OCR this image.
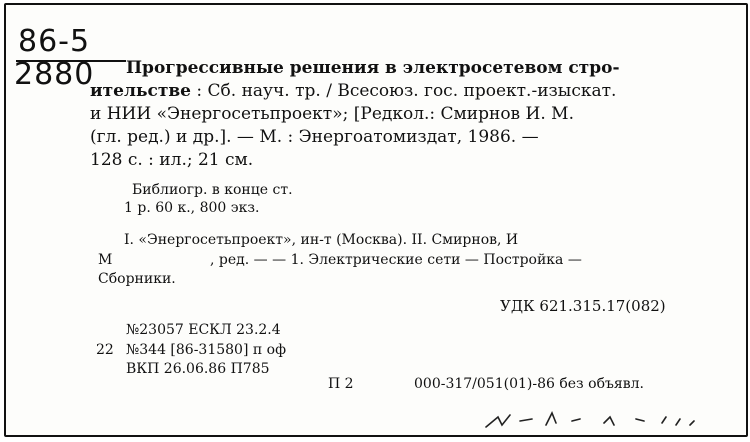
86-5
2880	Прогрессивные решения в электросетевом стро-
ительстве : Сб. науч. тр. / Всесоюз. гос. проект.-изыскат.
и НИИ «Энергосетьпроект»; [Редкол.: Смирнов И. М.
(гл. ред.) и др.]. — М. : Энергоатомиздат, 1986. —
128 с. : ил.; 21 см.
Библиогр. в конце ст.
1 р. 60 к., 800 экз.
I. «Энергосетьпроект», ин-т (Москва). II. Смирнов, И
М	, ред. — — 1. Электрические сети — Постройка —
Сборники.
УДК 621.315.17(082)
№23057 ЕСКЛ 23.2.4
22 №344 [86-31580] п оф
ВКП 26.06.86 П785
П 2	000-317/051(01)-86 без объявл.
